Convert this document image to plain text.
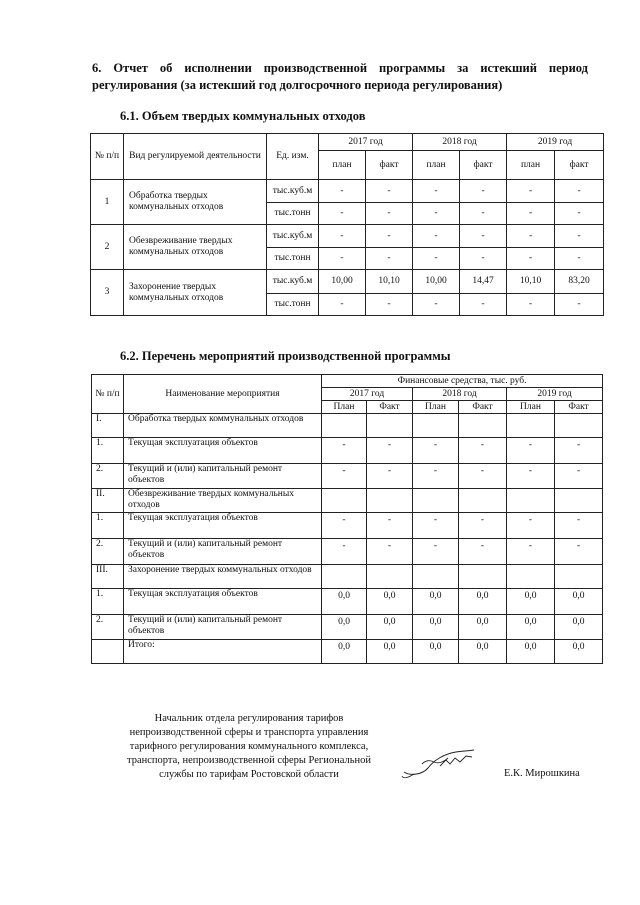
6. Отчет об исполнении производственной программы за истекший период регулирования (за истекший год долгосрочного периода регулирования)
6.1. Объем твердых коммунальных отходов
№ п/п	Вид регулируемой деятельности	Ед. изм.	2017 год		2018 год		2019 год	
			план	факт	план	факт	план	факт
1	Обработка твердых коммунальных отходов	тыс.куб.м	-	-	-	-	-	-
		тыс.тонн	-	-	-	-	-	-
2	Обезвреживание твердых коммунальных отходов	тыс.куб.м	-	-	-	-	-	-
		тыс.тонн	-	-	-	-	-	-
3	Захоронение твердых коммунальных отходов	тыс.куб.м	10,00	10,10	10,00	14,47	10,10	83,20
		тыс.тонн	-	-	-	-	-	-
6.2. Перечень мероприятий производственной программы
№ п/п	Наименование мероприятия	Финансовые средства, тыс. руб.					
		2017 год		2018 год		2019 год	
		План	Факт	План	Факт	План	Факт
I.	Обработка твердых коммунальных отходов						
1.	Текущая эксплуатация объектов	-	-	-	-	-	-
2.	Текущий и (или) капитальный ремонт объектов	-	-	-	-	-	-
II.	Обезвреживание твердых коммунальных отходов						
1.	Текущая эксплуатация объектов	-	-	-	-	-	-
2.	Текущий и (или) капитальный ремонт объектов	-	-	-	-	-	-
III.	Захоронение твердых коммунальных отходов						
1.	Текущая эксплуатация объектов	0,0	0,0	0,0	0,0	0,0	0,0
2.	Текущий и (или) капитальный ремонт объектов	0,0	0,0	0,0	0,0	0,0	0,0
	Итого:	0,0	0,0	0,0	0,0	0,0	0,0
Начальник отдела регулирования тарифов
непроизводственной сферы и транспорта управления
тарифного регулирования коммунального комплекса,
транспорта, непроизводственной сферы Региональной
службы по тарифам Ростовской области	Е.К. Мирошкина
